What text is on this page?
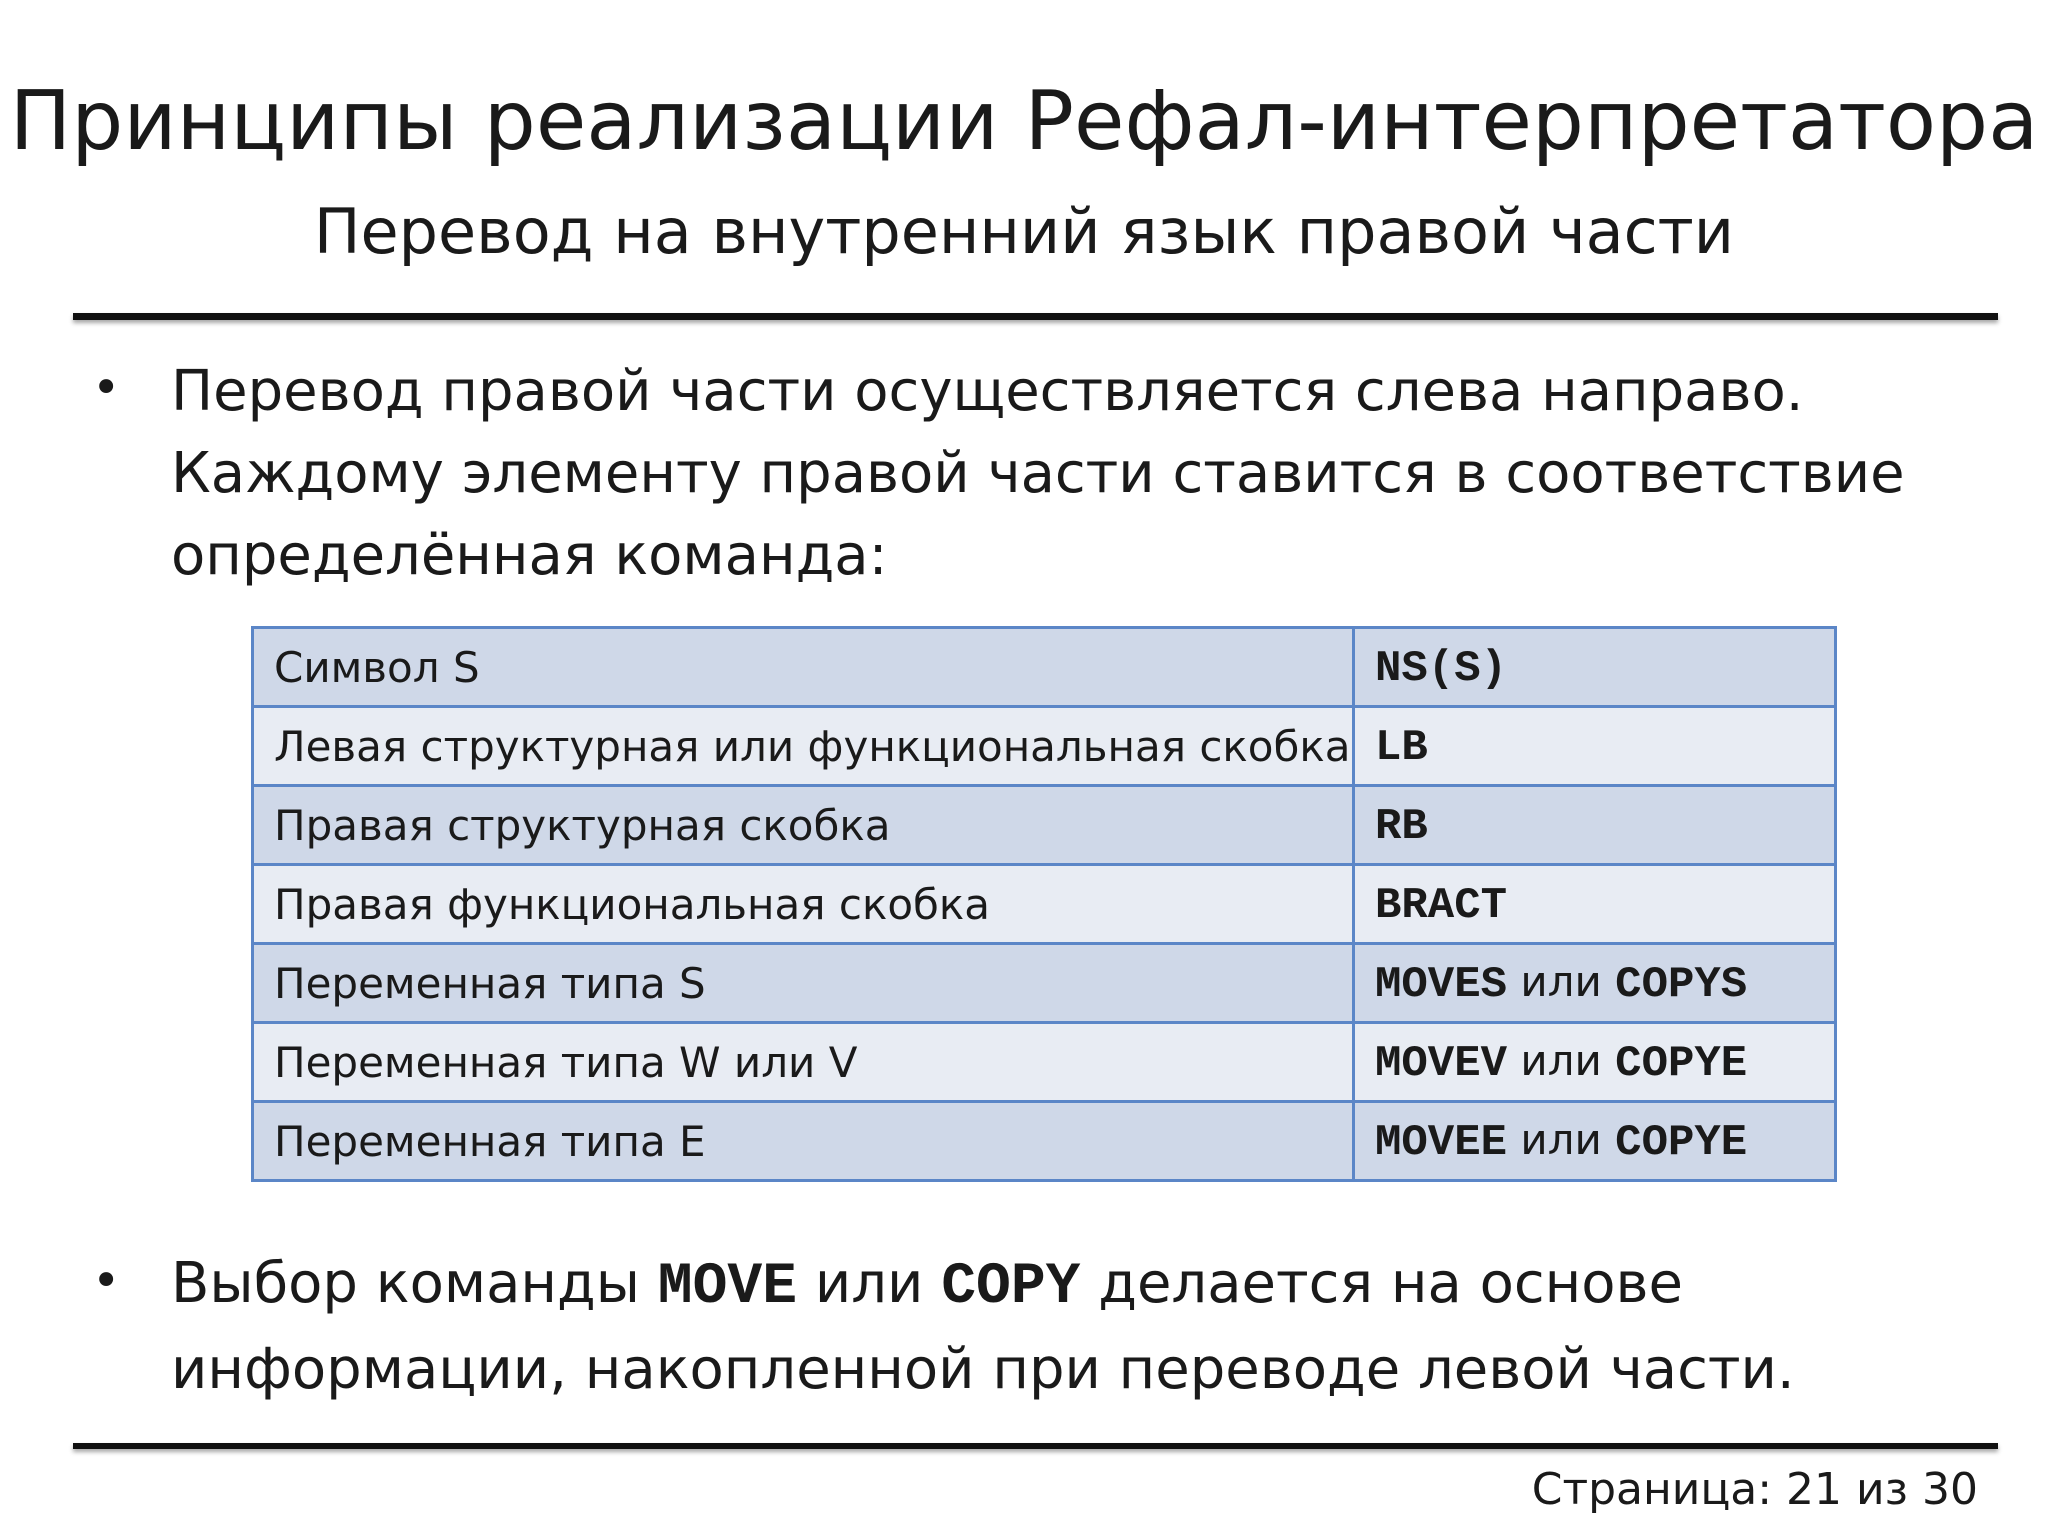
Принципы реализации Рефал-интерпретатора
Перевод на внутренний язык правой части
• Перевод правой части осуществляется слева направо.
Каждому элементу правой части ставится в соответствие
определённая команда:
Символ S	NS(S)
Левая структурная или функциональная скобка	LB
Правая структурная скобка	RB
Правая функциональная скобка	BRACT
Переменная типа S	MOVES или COPYS
Переменная типа W или V	MOVEV или COPYE
Переменная типа E	MOVEE или COPYE
• Выбор команды MOVE или COPY делается на основе
информации, накопленной при переводе левой части.
Страница: 21 из 30
